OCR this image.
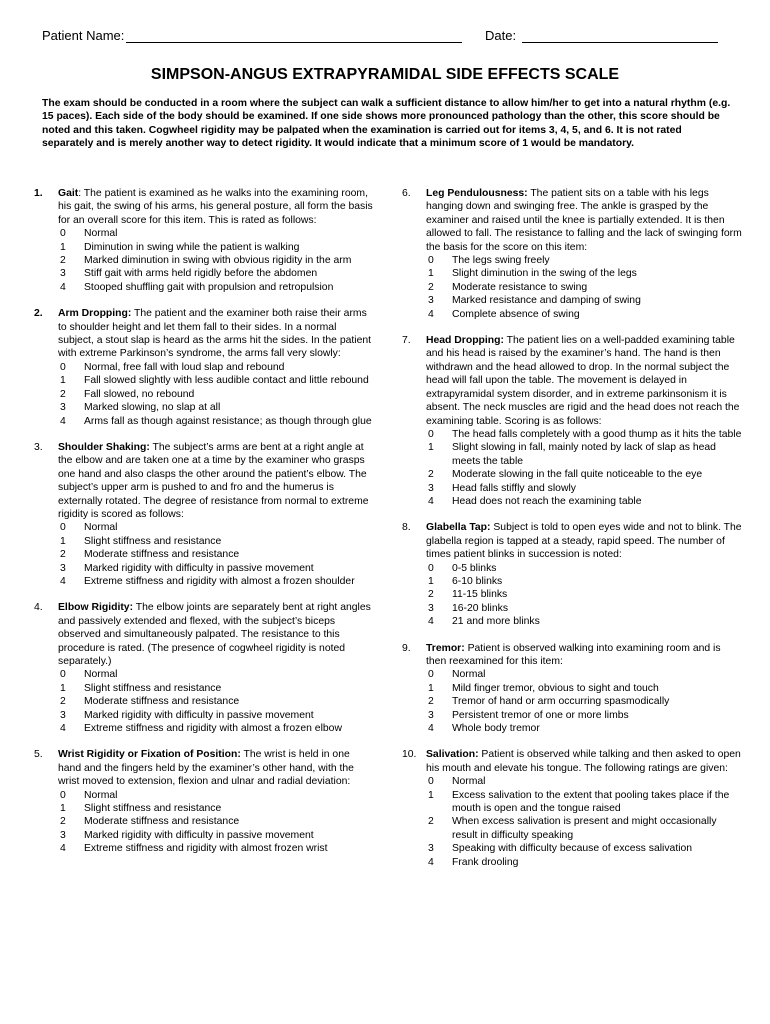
Patient Name:	Date:
SIMPSON-ANGUS EXTRAPYRAMIDAL SIDE EFFECTS SCALE
The exam should be conducted in a room where the subject can walk a sufficient distance to allow him/her to get into a natural rhythm (e.g. 15 paces). Each side of the body should be examined. If one side shows more pronounced pathology than the other, this score should be noted and this taken. Cogwheel rigidity may be palpated when the examination is carried out for items 3, 4, 5, and 6. It is not rated separately and is merely another way to detect rigidity. It would indicate that a minimum score of 1 would be mandatory.
1. Gait: The patient is examined as he walks into the examining room, his gait, the swing of his arms, his general posture, all form the basis for an overall score for this item. This is rated as follows:

0 Normal
1 Diminution in swing while the patient is walking
2 Marked diminution in swing with obvious rigidity in the arm
3 Stiff gait with arms held rigidly before the abdomen
4 Stooped shuffling gait with propulsion and retropulsion
2. Arm Dropping: The patient and the examiner both raise their arms to shoulder height and let them fall to their sides. In a normal subject, a stout slap is heard as the arms hit the sides. In the patient with extreme Parkinson’s syndrome, the arms fall very slowly:

0 Normal, free fall with loud slap and rebound
1 Fall slowed slightly with less audible contact and little rebound
2 Fall slowed, no rebound
3 Marked slowing, no slap at all
4 Arms fall as though against resistance; as though through glue
3. Shoulder Shaking: The subject’s arms are bent at a right angle at the elbow and are taken one at a time by the examiner who grasps one hand and also clasps the other around the patient’s elbow. The subject’s upper arm is pushed to and fro and the humerus is externally rotated. The degree of resistance from normal to extreme rigidity is scored as follows:

0 Normal
1 Slight stiffness and resistance
2 Moderate stiffness and resistance
3 Marked rigidity with difficulty in passive movement
4 Extreme stiffness and rigidity with almost a frozen shoulder
4. Elbow Rigidity: The elbow joints are separately bent at right angles and passively extended and flexed, with the subject’s biceps observed and simultaneously palpated. The resistance to this procedure is rated. (The presence of cogwheel rigidity is noted separately.)

0 Normal
1 Slight stiffness and resistance
2 Moderate stiffness and resistance
3 Marked rigidity with difficulty in passive movement
4 Extreme stiffness and rigidity with almost a frozen elbow
5. Wrist Rigidity or Fixation of Position: The wrist is held in one hand and the fingers held by the examiner’s other hand, with the wrist moved to extension, flexion and ulnar and radial deviation:

0 Normal
1 Slight stiffness and resistance
2 Moderate stiffness and resistance
3 Marked rigidity with difficulty in passive movement
4 Extreme stiffness and rigidity with almost frozen wrist
6. Leg Pendulousness: The patient sits on a table with his legs hanging down and swinging free. The ankle is grasped by the examiner and raised until the knee is partially extended. It is then allowed to fall. The resistance to falling and the lack of swinging form the basis for the score on this item:

0 The legs swing freely
1 Slight diminution in the swing of the legs
2 Moderate resistance to swing
3 Marked resistance and damping of swing
4 Complete absence of swing
7. Head Dropping: The patient lies on a well-padded examining table and his head is raised by the examiner’s hand. The hand is then withdrawn and the head allowed to drop. In the normal subject the head will fall upon the table. The movement is delayed in extrapyramidal system disorder, and in extreme parkinsonism it is absent. The neck muscles are rigid and the head does not reach the examining table. Scoring is as follows:

0 The head falls completely with a good thump as it hits the table
1 Slight slowing in fall, mainly noted by lack of slap as head meets the table
2 Moderate slowing in the fall quite noticeable to the eye
3 Head falls stiffly and slowly
4 Head does not reach the examining table
8. Glabella Tap: Subject is told to open eyes wide and not to blink. The glabella region is tapped at a steady, rapid speed. The number of times patient blinks in succession is noted:

0 0-5 blinks
1 6-10 blinks
2 11-15 blinks
3 16-20 blinks
4 21 and more blinks
9. Tremor: Patient is observed walking into examining room and is then reexamined for this item:

0 Normal
1 Mild finger tremor, obvious to sight and touch
2 Tremor of hand or arm occurring spasmodically
3 Persistent tremor of one or more limbs
4 Whole body tremor
10. Salivation: Patient is observed while talking and then asked to open his mouth and elevate his tongue. The following ratings are given:

0 Normal
1 Excess salivation to the extent that pooling takes place if the mouth is open and the tongue raised
2 When excess salivation is present and might occasionally result in difficulty speaking
3 Speaking with difficulty because of excess salivation
4 Frank drooling
